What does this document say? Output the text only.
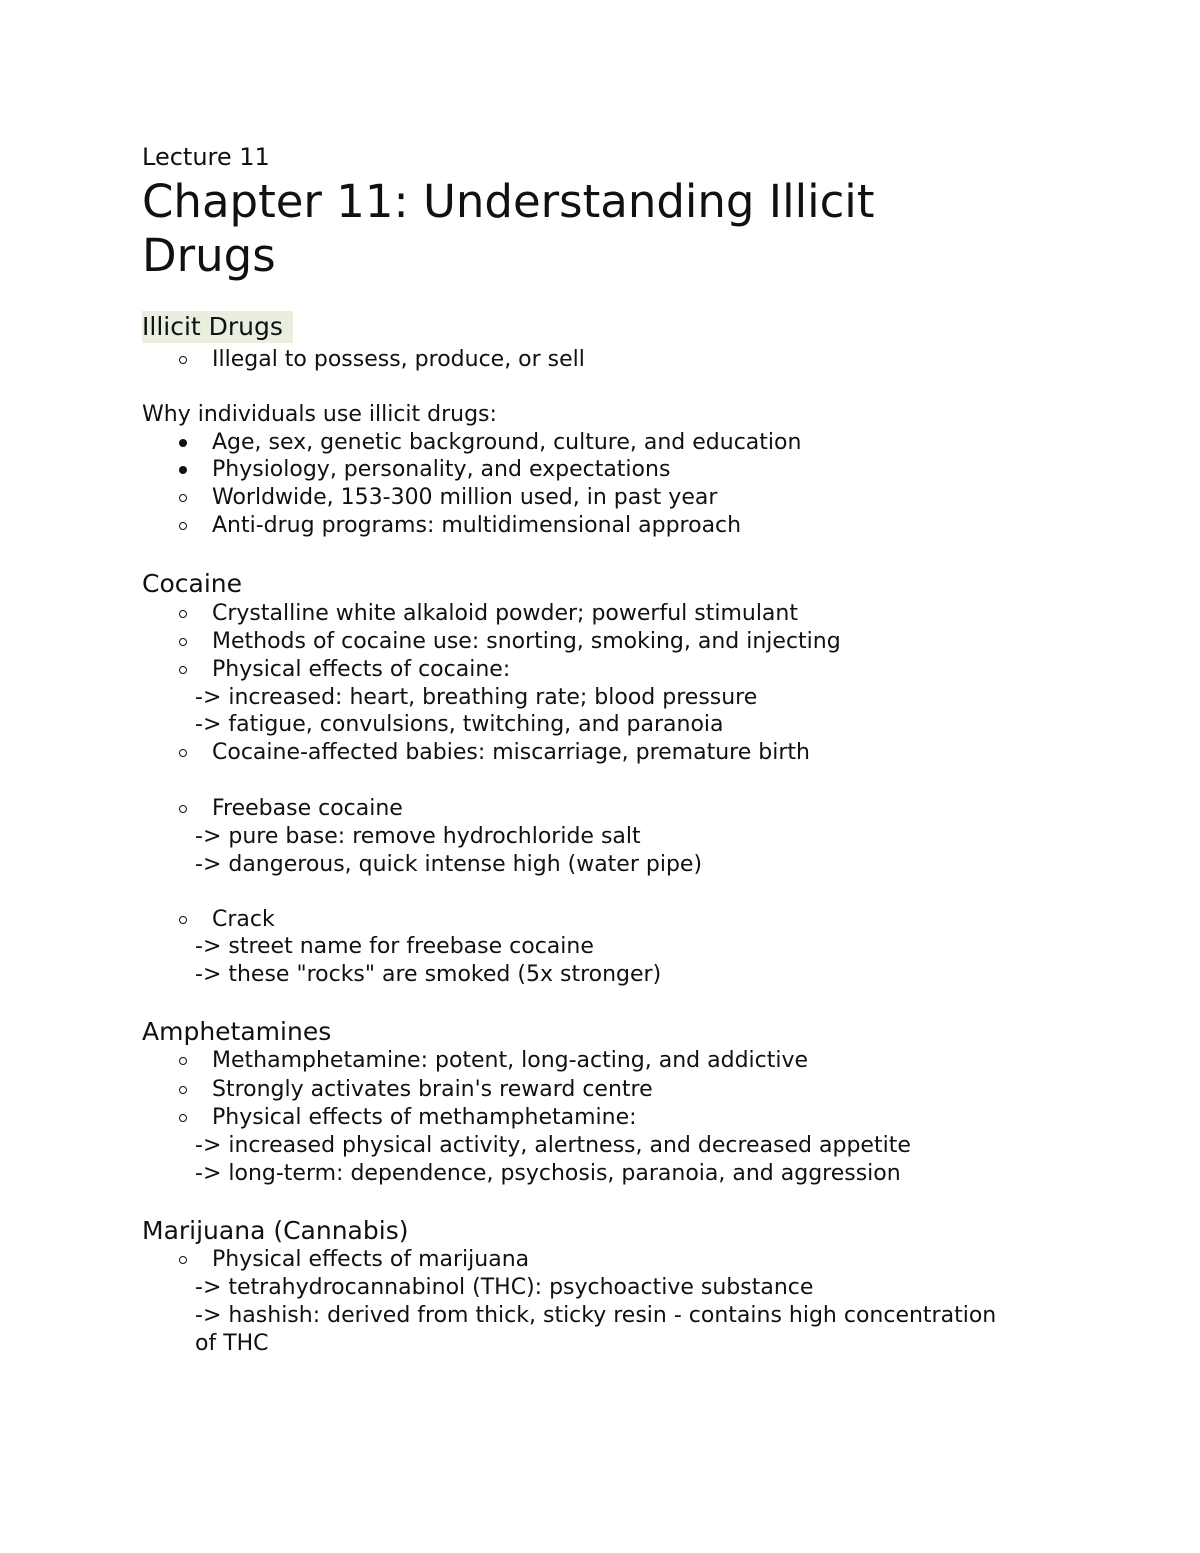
Lecture 11
Chapter 11: Understanding Illicit
Drugs
Illicit Drugs
Illegal to possess, produce, or sell
Why individuals use illicit drugs:
Age, sex, genetic background, culture, and education
Physiology, personality, and expectations
Worldwide, 153-300 million used, in past year
Anti-drug programs: multidimensional approach
Cocaine
Crystalline white alkaloid powder; powerful stimulant
Methods of cocaine use: snorting, smoking, and injecting
Physical effects of cocaine:
-> increased: heart, breathing rate; blood pressure
-> fatigue, convulsions, twitching, and paranoia
Cocaine-affected babies: miscarriage, premature birth
Freebase cocaine
-> pure base: remove hydrochloride salt
-> dangerous, quick intense high (water pipe)
Crack
-> street name for freebase cocaine
-> these "rocks" are smoked (5x stronger)
Amphetamines
Methamphetamine: potent, long-acting, and addictive
Strongly activates brain's reward centre
Physical effects of methamphetamine:
-> increased physical activity, alertness, and decreased appetite
-> long-term: dependence, psychosis, paranoia, and aggression
Marijuana (Cannabis)
Physical effects of marijuana
-> tetrahydrocannabinol (THC): psychoactive substance
-> hashish: derived from thick, sticky resin - contains high concentration
of THC
